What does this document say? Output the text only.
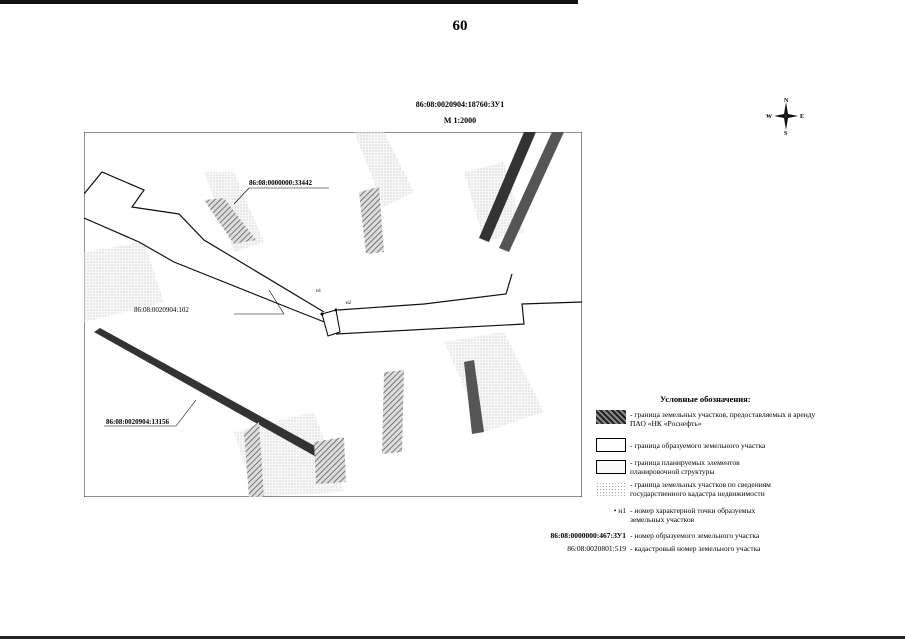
60
86:08:0020904:18760:ЗУ1
М 1:2000
N
S
W	E
н1
н2
86:08:0000000:33442
86:08:0020904:102
86:08:0020904:13156
Условные обозначения:
- граница земельных участков, предоставляемых в аренду ПАО «НК «Роснефть»
- граница образуемого земельного участка
- граница планируемых элементов планировочной структуры
- граница земельных участков по сведениям государственного кадастра недвижимости
• н1 - номер характерной точки образуемых земельных участков
86:08:0000000:467:ЗУ1 - номер образуемого земельного участка
86:08:0020801:519 - кадастровый номер земельного участка
